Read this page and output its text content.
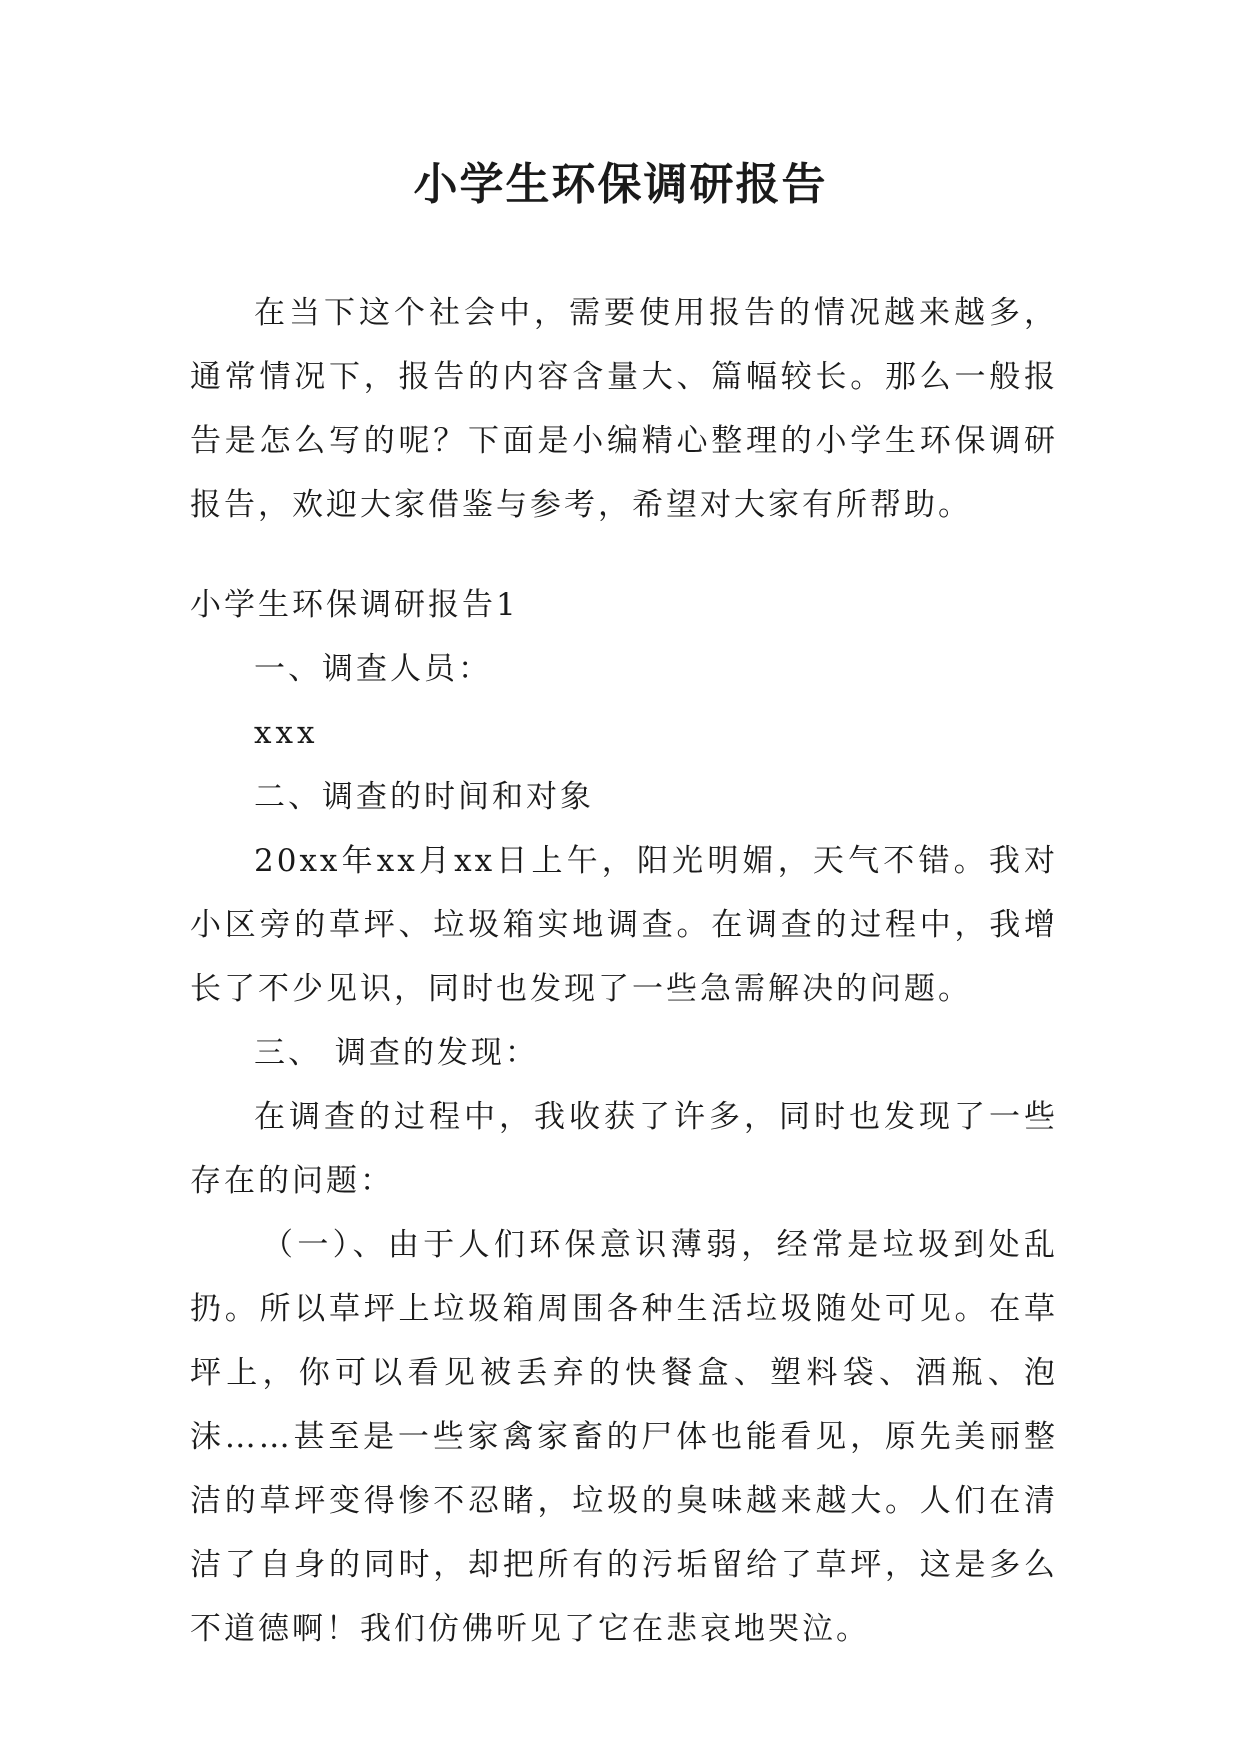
小学生环保调研报告

在当下这个社会中，需要使用报告的情况越来越多，通常情况下，报告的内容含量大、篇幅较长。那么一般报告是怎么写的呢？下面是小编精心整理的小学生环保调研报告，欢迎大家借鉴与参考，希望对大家有所帮助。

小学生环保调研报告1

一、调查人员：

xxx

二、调查的时间和对象

20xx年xx月xx日上午，阳光明媚，天气不错。我对小区旁的草坪、垃圾箱实地调查。在调查的过程中，我增长了不少见识，同时也发现了一些急需解决的问题。

三、 调查的发现：

在调查的过程中，我收获了许多，同时也发现了一些存在的问题：

（一）、由于人们环保意识薄弱，经常是垃圾到处乱扔。所以草坪上垃圾箱周围各种生活垃圾随处可见。在草坪上，你可以看见被丢弃的快餐盒、塑料袋、酒瓶、泡沫……甚至是一些家禽家畜的尸体也能看见，原先美丽整洁的草坪变得惨不忍睹，垃圾的臭味越来越大。人们在清洁了自身的同时，却把所有的污垢留给了草坪，这是多么不道德啊！我们仿佛听见了它在悲哀地哭泣。
